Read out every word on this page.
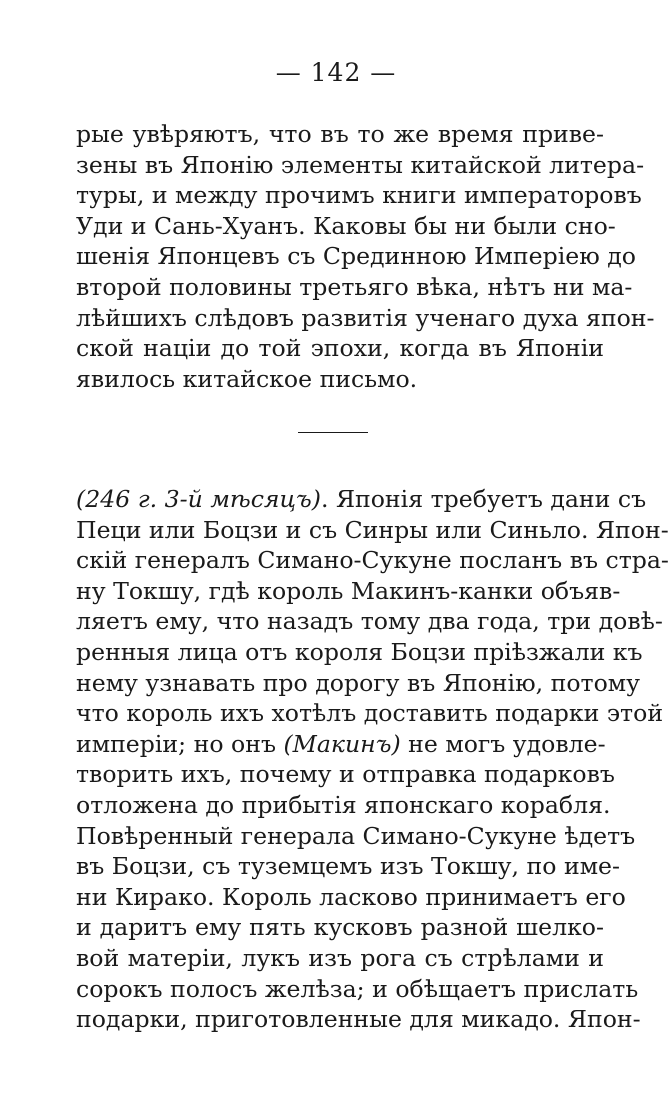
— 142 —
рые увѣряютъ, что въ то же время приве-
зены въ Японію элементы китайской литера-
туры, и между прочимъ книги императоровъ
Уди и Сань-Хуанъ. Каковы бы ни были сно-
шенія Японцевъ съ Срединною Имперіею до
второй половины третьяго вѣка, нѣтъ ни ма-
лѣйшихъ слѣдовъ развитія ученаго духа япон-
ской націи до той эпохи, когда въ Японіи
явилось китайское письмо.
(246 г. 3-й мѣсяцъ). Японія требуетъ дани съ
Пеци или Боцзи и съ Синры или Синьло. Япон-
скій генералъ Симано-Сукуне посланъ въ стра-
ну Токшу, гдѣ король Макинъ-канки объяв-
ляетъ ему, что назадъ тому два года, три довѣ-
ренныя лица отъ короля Боцзи пріѣзжали къ
нему узнавать про дорогу въ Японію, потому
что король ихъ хотѣлъ доставить подарки этой
имперіи; но онъ (Макинъ) не могъ удовле-
творить ихъ, почему и отправка подарковъ
отложена до прибытія японскаго корабля.
Повѣренный генерала Симано-Сукуне ѣдетъ
въ Боцзи, съ туземцемъ изъ Токшу, по име-
ни Кирако. Король ласково принимаетъ его
и даритъ ему пять кусковъ разной шелко-
вой матеріи, лукъ изъ рога съ стрѣлами и
сорокъ полосъ желѣза; и обѣщаетъ прислать
подарки, приготовленные для микадо. Япон-
